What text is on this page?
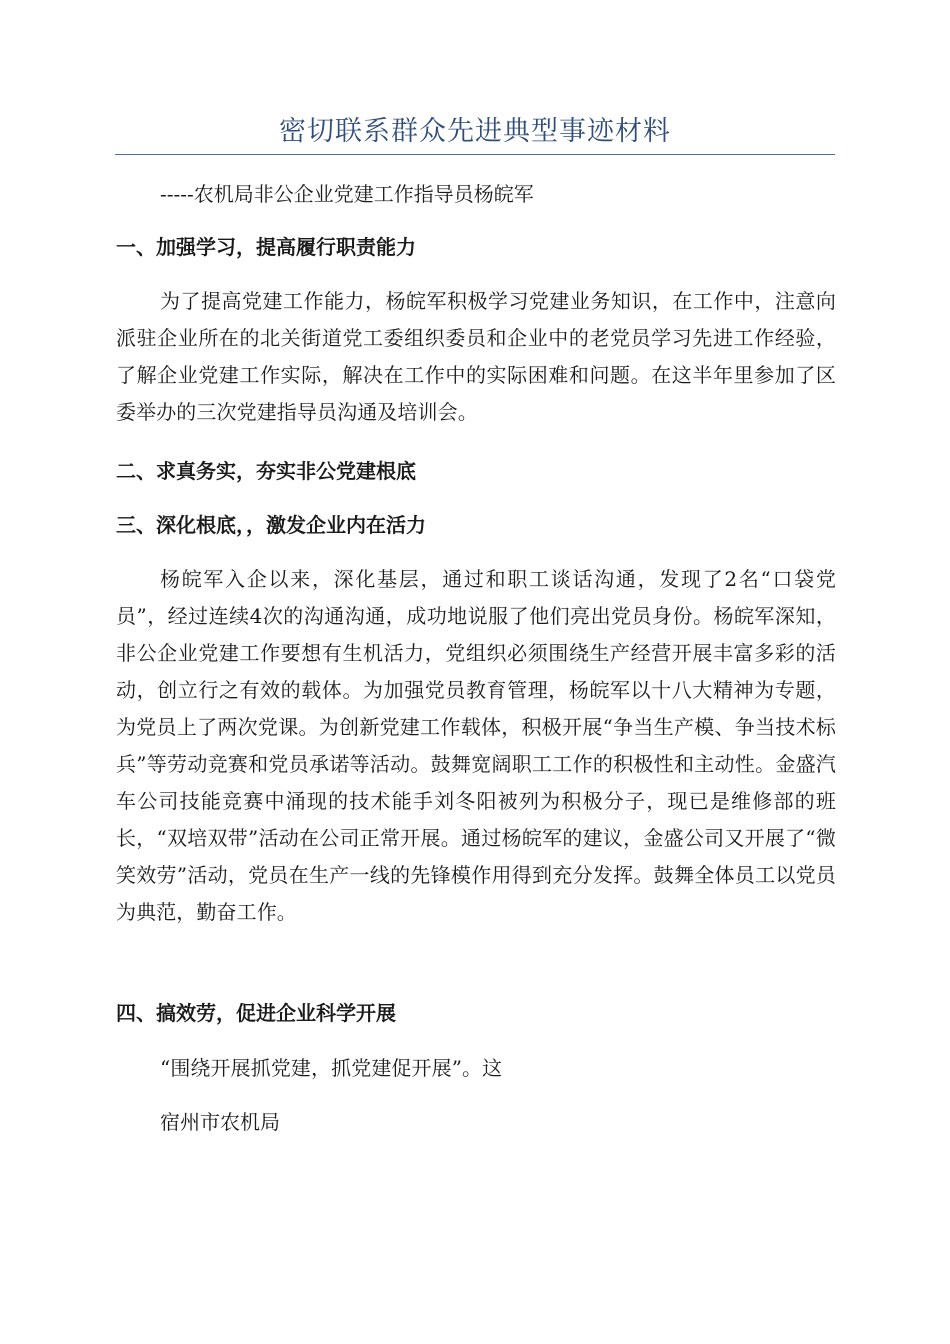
密切联系群众先进典型事迹材料

-----农机局非公企业党建工作指导员杨皖军

一、加强学习，提高履行职责能力

为了提高党建工作能力，杨皖军积极学习党建业务知识，在工作中，注意向派驻企业所在的北关街道党工委组织委员和企业中的老党员学习先进工作经验，了解企业党建工作实际，解决在工作中的实际困难和问题。在这半年里参加了区委举办的三次党建指导员沟通及培训会。

二、求真务实，夯实非公党建根底

三、深化根底，，激发企业内在活力

杨皖军入企以来，深化基层，通过和职工谈话沟通，发现了2名“口袋党员”，经过连续4次的沟通沟通，成功地说服了他们亮出党员身份。杨皖军深知，非公企业党建工作要想有生机活力，党组织必须围绕生产经营开展丰富多彩的活动，创立行之有效的载体。为加强党员教育管理，杨皖军以十八大精神为专题，为党员上了两次党课。为创新党建工作载体，积极开展“争当生产模、争当技术标兵”等劳动竞赛和党员承诺等活动。鼓舞宽阔职工工作的积极性和主动性。金盛汽车公司技能竞赛中涌现的技术能手刘冬阳被列为积极分子，现已是维修部的班长，“双培双带”活动在公司正常开展。通过杨皖军的建议，金盛公司又开展了“微笑效劳”活动，党员在生产一线的先锋模作用得到充分发挥。鼓舞全体员工以党员为典范，勤奋工作。

四、搞效劳，促进企业科学开展

“围绕开展抓党建，抓党建促开展”。这

宿州市农机局
